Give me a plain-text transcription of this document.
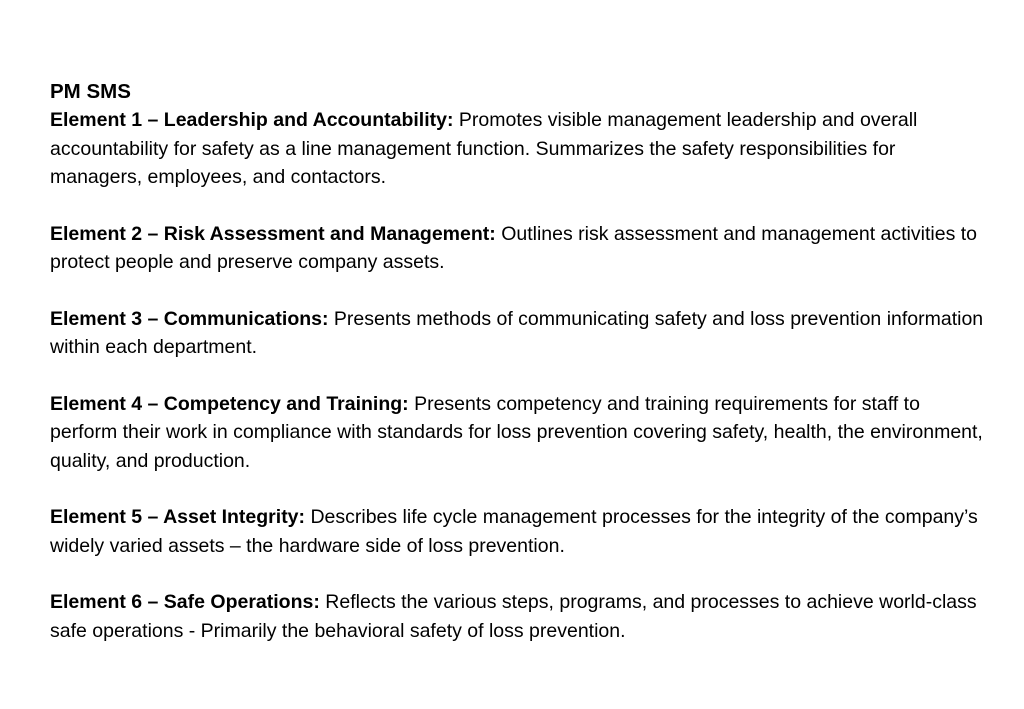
PM SMS

Element 1 – Leadership and Accountability: Promotes visible management leadership and overall accountability for safety as a line management function. Summarizes the safety responsibilities for managers, employees, and contactors.

Element 2 – Risk Assessment and Management: Outlines risk assessment and management activities to protect people and preserve company assets.

Element 3 – Communications: Presents methods of communicating safety and loss prevention information within each department.

Element 4 – Competency and Training: Presents competency and training requirements for staff to perform their work in compliance with standards for loss prevention covering safety, health, the environment, quality, and production.

Element 5 – Asset Integrity: Describes life cycle management processes for the integrity of the company’s widely varied assets – the hardware side of loss prevention.

Element 6 – Safe Operations: Reflects the various steps, programs, and processes to achieve world-class safe operations - Primarily the behavioral safety of loss prevention.
